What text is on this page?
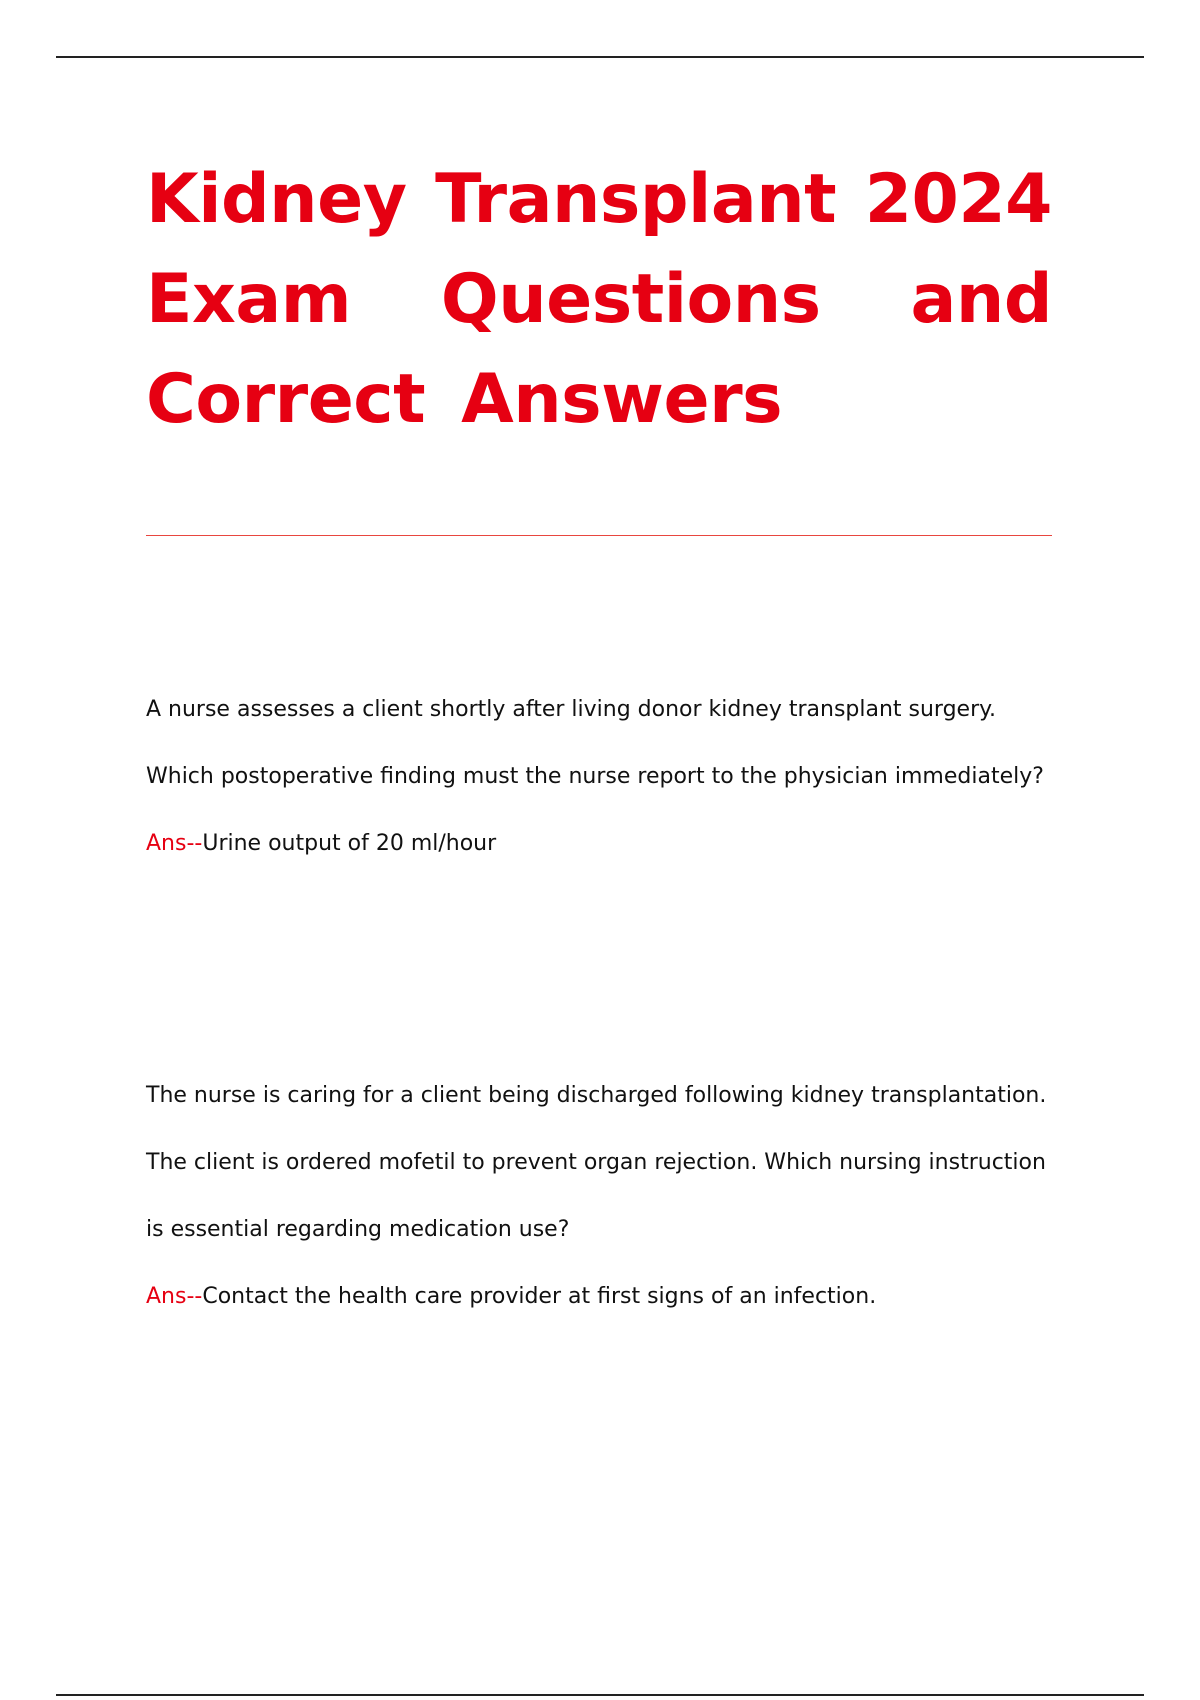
Kidney Transplant 2024
Exam Questions and
Correct Answers

A nurse assesses a client shortly after living donor kidney transplant surgery. Which postoperative finding must the nurse report to the physician immediately?

Ans--Urine output of 20 ml/hour

The nurse is caring for a client being discharged following kidney transplantation. The client is ordered mofetil to prevent organ rejection. Which nursing instruction is essential regarding medication use?

Ans--Contact the health care provider at first signs of an infection.
